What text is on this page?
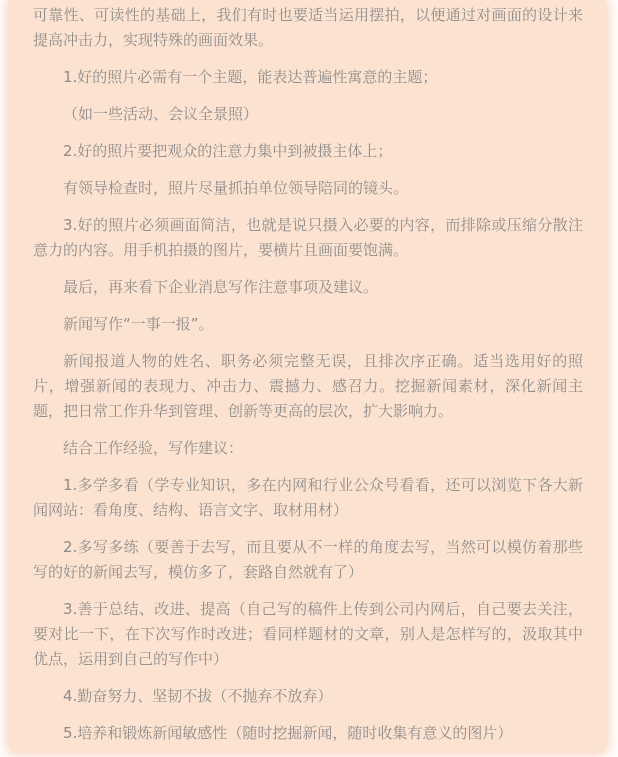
可靠性、可读性的基础上，我们有时也要适当运用摆拍，以便通过对画面的设计来提高冲击力，实现特殊的画面效果。

1.好的照片必需有一个主题，能表达普遍性寓意的主题；

（如一些活动、会议全景照）

2.好的照片要把观众的注意力集中到被摄主体上；

有领导检查时，照片尽量抓拍单位领导陪同的镜头。

3.好的照片必须画面简洁，也就是说只摄入必要的内容，而排除或压缩分散注意力的内容。用手机拍摄的图片，要横片且画面要饱满。

最后，再来看下企业消息写作注意事项及建议。

新闻写作“一事一报”。

新闻报道人物的姓名、职务必须完整无误，且排次序正确。适当选用好的照片，增强新闻的表现力、冲击力、震撼力、感召力。挖掘新闻素材，深化新闻主题，把日常工作升华到管理、创新等更高的层次，扩大影响力。

结合工作经验，写作建议：

1.多学多看（学专业知识，多在内网和行业公众号看看，还可以浏览下各大新闻网站：看角度、结构、语言文字、取材用材）

2.多写多练（要善于去写，而且要从不一样的角度去写，当然可以模仿着那些写的好的新闻去写，模仿多了，套路自然就有了）

3.善于总结、改进、提高（自己写的稿件上传到公司内网后，自己要去关注，要对比一下，在下次写作时改进；看同样题材的文章，别人是怎样写的，汲取其中优点，运用到自己的写作中）

4.勤奋努力、坚韧不拔（不抛弃不放弃）

5.培养和锻炼新闻敏感性（随时挖掘新闻，随时收集有意义的图片）
